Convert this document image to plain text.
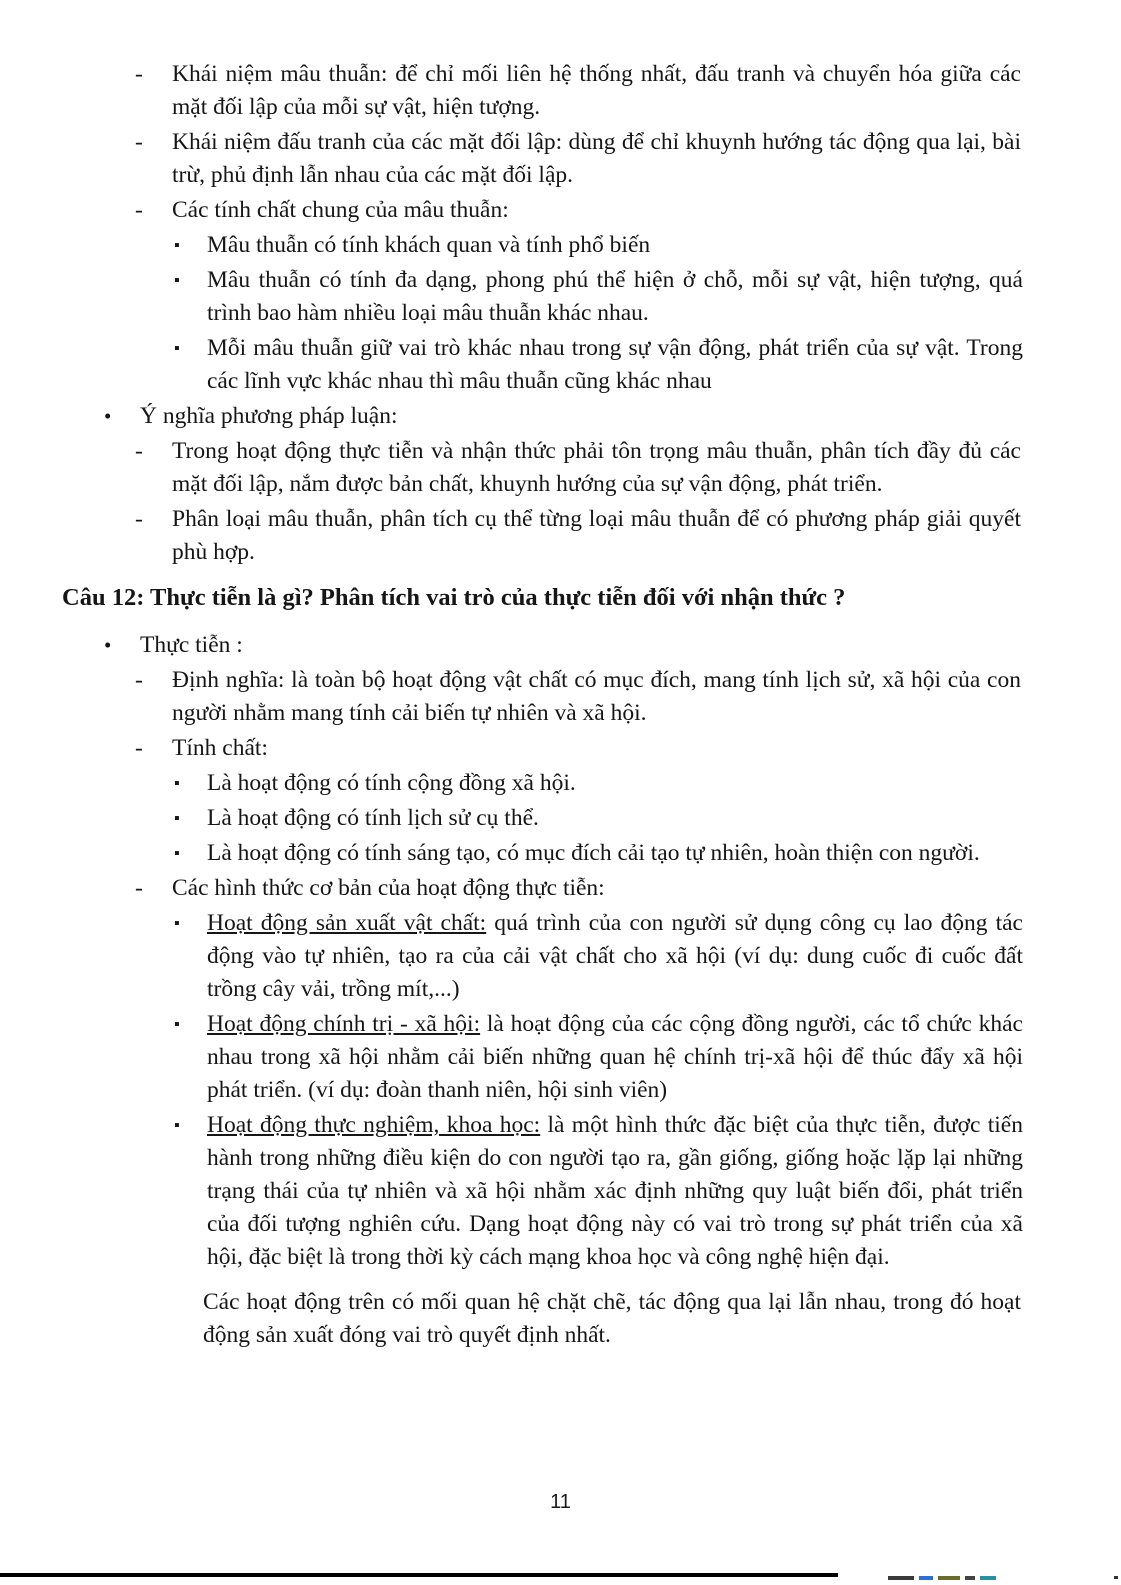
-	Khái niệm mâu thuẫn: để chỉ mối liên hệ thống nhất, đấu tranh và chuyển hóa giữa các mặt đối lập của mỗi sự vật, hiện tượng.
-	Khái niệm đấu tranh của các mặt đối lập: dùng để chỉ khuynh hướng tác động qua lại, bài trừ, phủ định lẫn nhau của các mặt đối lập.
-	Các tính chất chung của mâu thuẫn:
▪	Mâu thuẫn có tính khách quan và tính phổ biến
▪	Mâu thuẫn có tính đa dạng, phong phú thể hiện ở chỗ, mỗi sự vật, hiện tượng, quá trình bao hàm nhiều loại mâu thuẫn khác nhau.
▪	Mỗi mâu thuẫn giữ vai trò khác nhau trong sự vận động, phát triển của sự vật. Trong các lĩnh vực khác nhau thì mâu thuẫn cũng khác nhau
•	Ý nghĩa phương pháp luận:
-	Trong hoạt động thực tiễn và nhận thức phải tôn trọng mâu thuẫn, phân tích đầy đủ các mặt đối lập, nắm được bản chất, khuynh hướng của sự vận động, phát triển.
-	Phân loại mâu thuẫn, phân tích cụ thể từng loại mâu thuẫn để có phương pháp giải quyết phù hợp.
Câu 12: Thực tiễn là gì? Phân tích vai trò của thực tiễn đối với nhận thức ?
•	Thực tiễn :
-	Định nghĩa: là toàn bộ hoạt động vật chất có mục đích, mang tính lịch sử, xã hội của con người nhằm mang tính cải biến tự nhiên và xã hội.
-	Tính chất:
▪	Là hoạt động có tính cộng đồng xã hội.
▪	Là hoạt động có tính lịch sử cụ thể.
▪	Là hoạt động có tính sáng tạo, có mục đích cải tạo tự nhiên, hoàn thiện con người.
-	Các hình thức cơ bản của hoạt động thực tiễn:
▪	Hoạt động sản xuất vật chất: quá trình của con người sử dụng công cụ lao động tác động vào tự nhiên, tạo ra của cải vật chất cho xã hội (ví dụ: dung cuốc đi cuốc đất trồng cây vải, trồng mít,...)
▪	Hoạt động chính trị - xã hội: là hoạt động của các cộng đồng người, các tổ chức khác nhau trong xã hội nhằm cải biến những quan hệ chính trị-xã hội để thúc đẩy xã hội phát triển. (ví dụ: đoàn thanh niên, hội sinh viên)
▪	Hoạt động thực nghiệm, khoa học: là một hình thức đặc biệt của thực tiễn, được tiến hành trong những điều kiện do con người tạo ra, gần giống, giống hoặc lặp lại những trạng thái của tự nhiên và xã hội nhằm xác định những quy luật biến đổi, phát triển của đối tượng nghiên cứu. Dạng hoạt động này có vai trò trong sự phát triển của xã hội, đặc biệt là trong thời kỳ cách mạng khoa học và công nghệ hiện đại.
Các hoạt động trên có mối quan hệ chặt chẽ, tác động qua lại lẫn nhau, trong đó hoạt động sản xuất đóng vai trò quyết định nhất.
11
